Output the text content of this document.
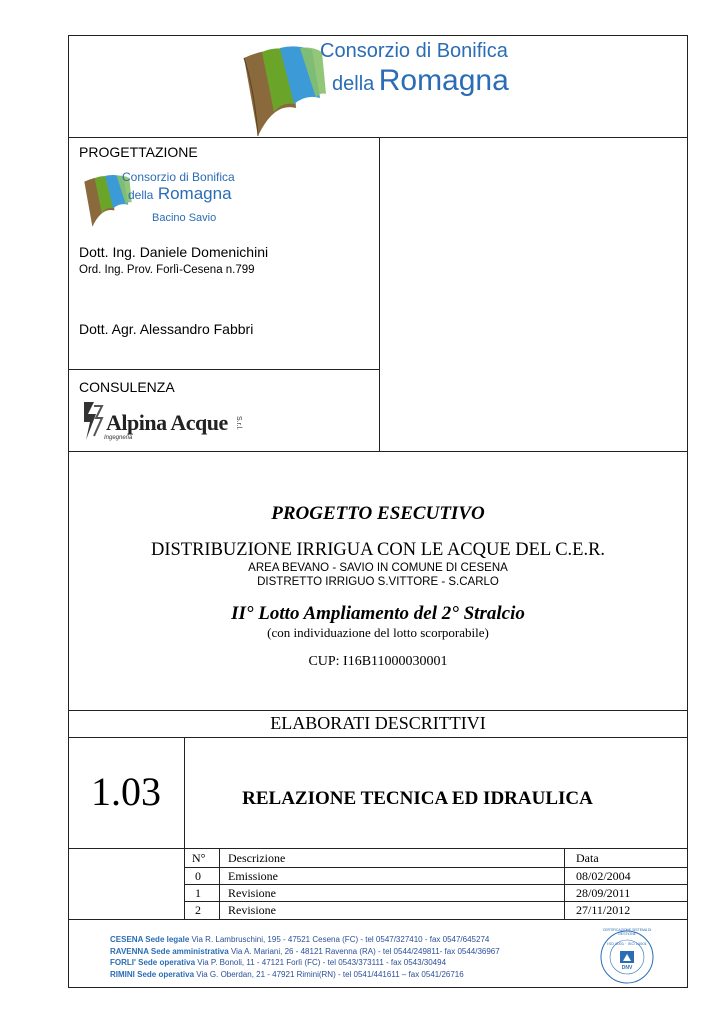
Consorzio di Bonifica
della Romagna
PROGETTAZIONE
Consorzio di Bonifica
della Romagna
Bacino Savio
Dott. Ing. Daniele Domenichini
Ord. Ing. Prov. Forlì-Cesena n.799
Dott. Agr. Alessandro Fabbri
CONSULENZA
Alpina Acque
Ingegneria
S.r.l.
PROGETTO ESECUTIVO
DISTRIBUZIONE IRRIGUA CON LE ACQUE DEL C.E.R.
AREA BEVANO - SAVIO IN COMUNE DI CESENA
DISTRETTO IRRIGUO S.VITTORE - S.CARLO
II° Lotto Ampliamento del 2° Stralcio
(con individuazione del lotto scorporabile)
CUP: I16B11000030001
ELABORATI DESCRITTIVI
1.03	RELAZIONE TECNICA ED IDRAULICA
N° Descrizione	Data
0 Emissione	08/02/2004
1 Revisione	28/09/2011
2 Revisione	27/11/2012
CESENA Sede legale Via R. Lambruschini, 195 - 47521 Cesena (FC) - tel 0547/327410 - fax 0547/645274
RAVENNA Sede amministrativa Via A. Mariani, 26 - 48121 Ravenna (RA) - tel 0544/249811- fax 0544/36967
FORLI' Sede operativa Via P. Bonoli, 11 - 47121 Forlì (FC) - tel 0543/373111 - fax 0543/30494
RIMINI Sede operativa Via G. Oberdan, 21 - 47921 Rimini(RN) - tel 0541/441611 – fax 0541/26716
CERTIFICAZIONE SISTEMA DI GESTIONE
ISO 9001 · ISO 14001
DNV
